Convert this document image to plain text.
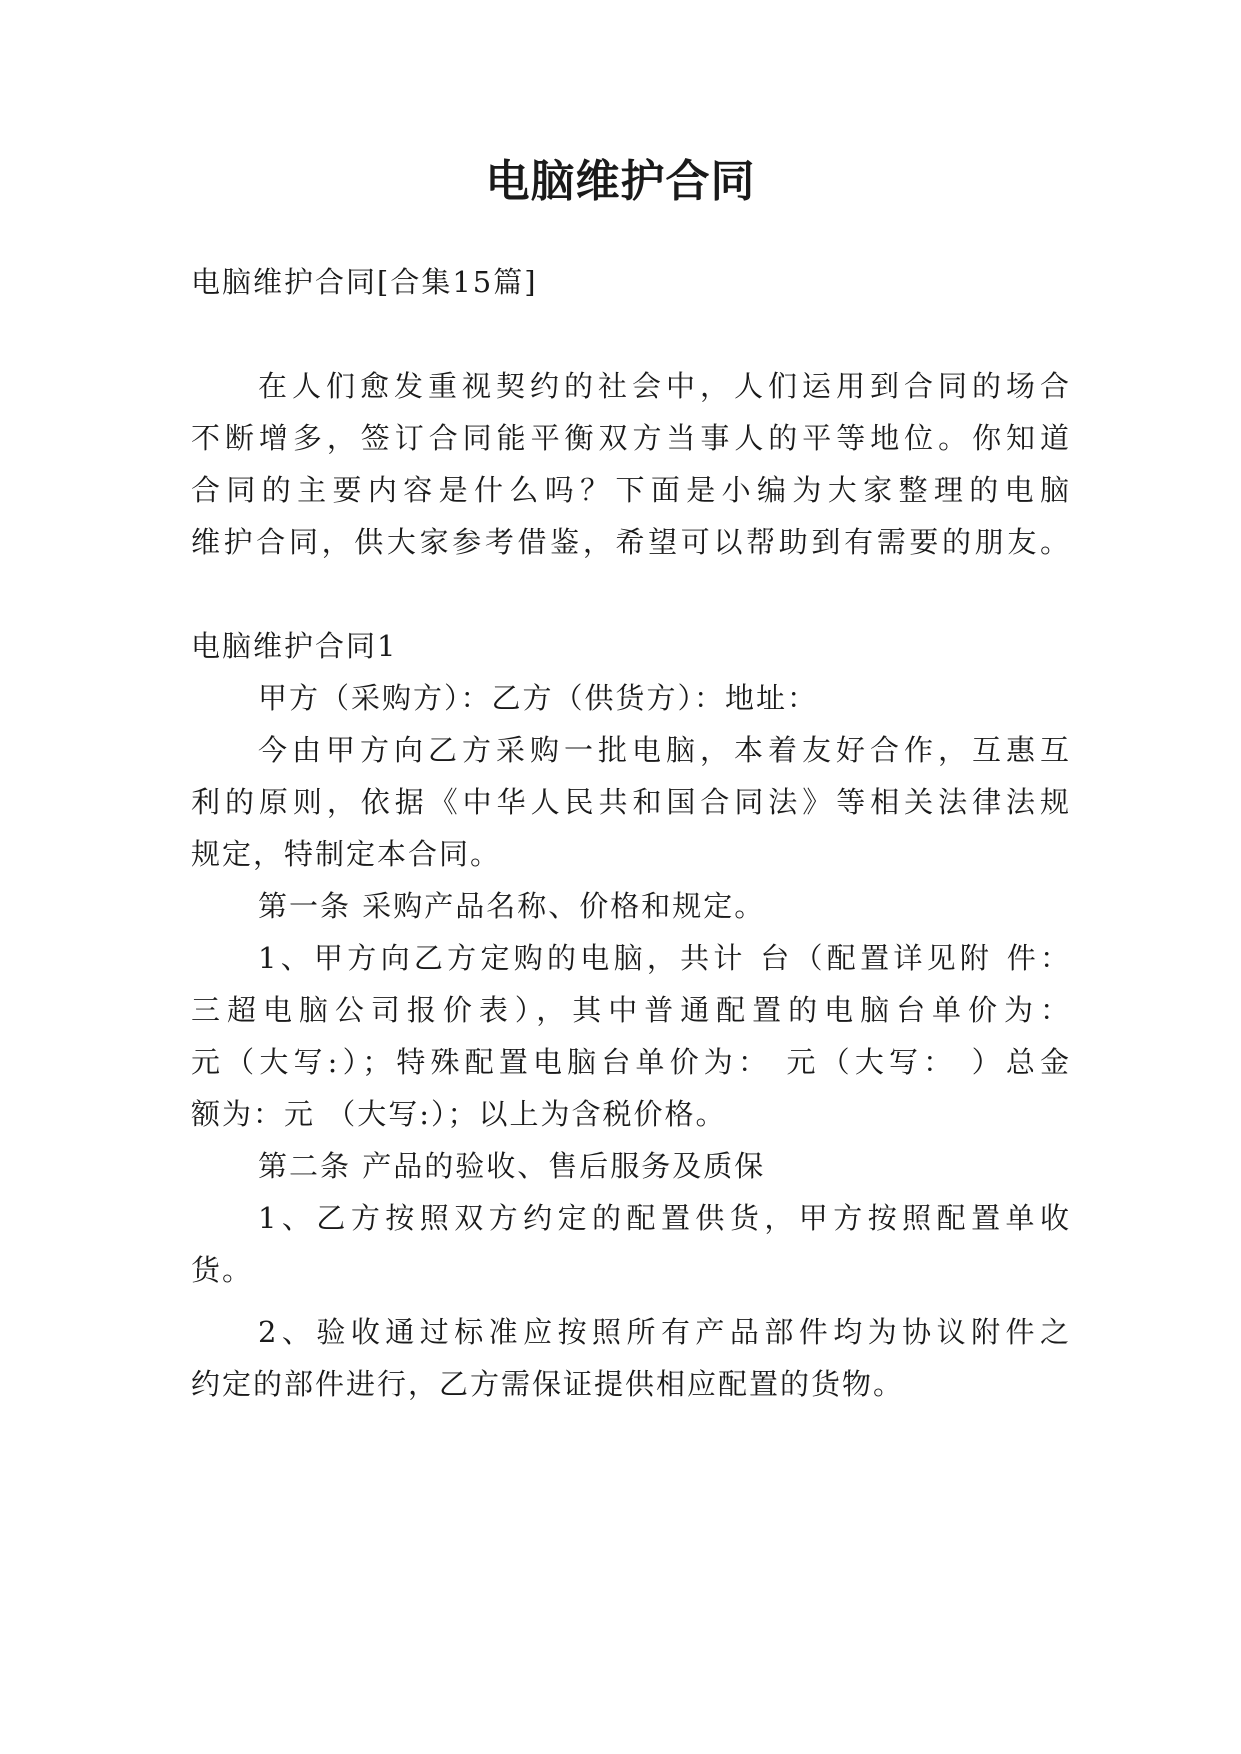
电脑维护合同
电脑维护合同[合集15篇]
在人们愈发重视契约的社会中，人们运用到合同的场合
不断增多，签订合同能平衡双方当事人的平等地位。你知道
合同的主要内容是什么吗？下面是小编为大家整理的电脑
维护合同，供大家参考借鉴，希望可以帮助到有需要的朋友。
电脑维护合同1
甲方（采购方）：乙方（供货方）：地址：
今由甲方向乙方采购一批电脑，本着友好合作，互惠互
利的原则，依据《中华人民共和国合同法》等相关法律法规
规定，特制定本合同。
第一条 采购产品名称、价格和规定。
1、甲方向乙方定购的电脑，共计 台（配置详见附 件：
三超电脑公司报价表），其中普通配置的电脑台单价为：
元（大写:）；特殊配置电脑台单价为： 元（大写： ）总金
额为：元 （大写:）；以上为含税价格。
第二条 产品的验收、售后服务及质保
1、乙方按照双方约定的配置供货，甲方按照配置单收
货。
2、验收通过标准应按照所有产品部件均为协议附件之
约定的部件进行，乙方需保证提供相应配置的货物。
